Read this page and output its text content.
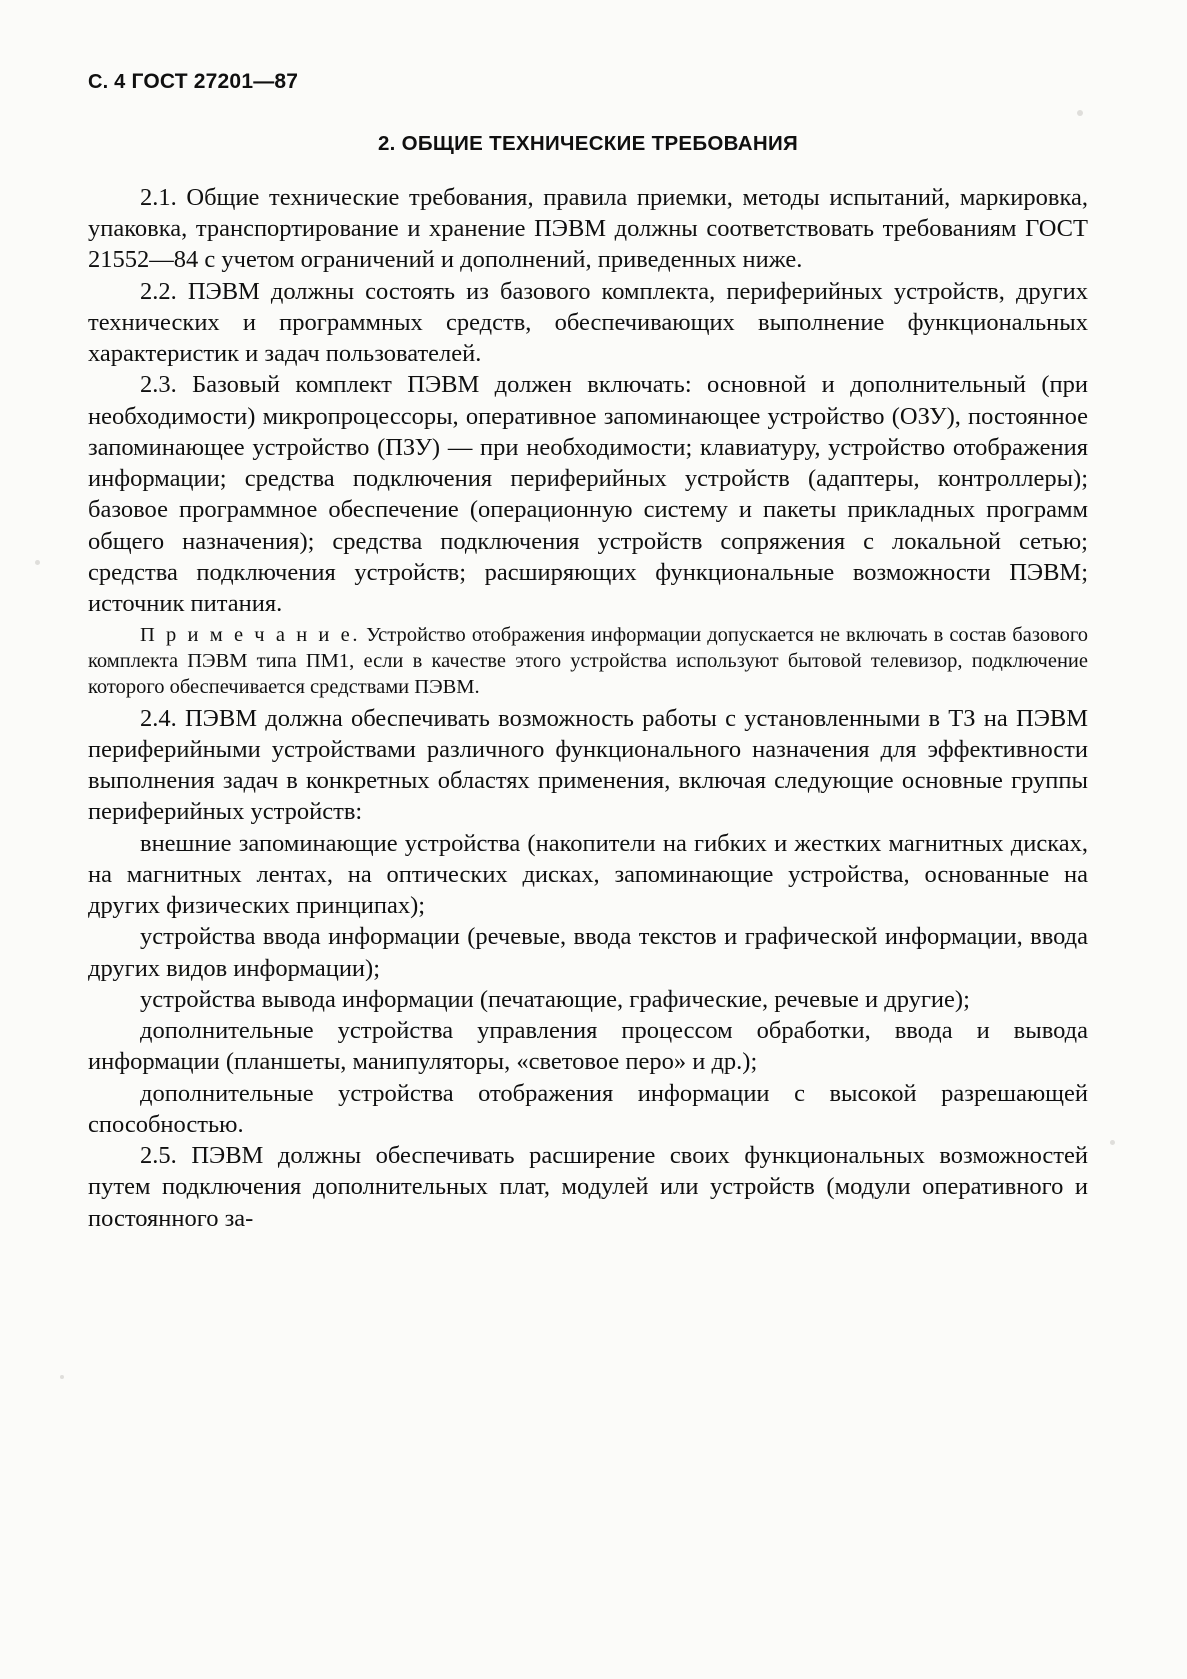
С. 4 ГОСТ 27201—87
2. ОБЩИЕ ТЕХНИЧЕСКИЕ ТРЕБОВАНИЯ

2.1. Общие технические требования, правила приемки, методы испытаний, маркировка, упаковка, транспортирование и хранение ПЭВМ должны соответствовать требованиям ГОСТ 21552—84 с учетом ограничений и дополнений, приведенных ниже.

2.2. ПЭВМ должны состоять из базового комплекта, периферийных устройств, других технических и программных средств, обеспечивающих выполнение функциональных характеристик и задач пользователей.

2.3. Базовый комплект ПЭВМ должен включать: основной и дополнительный (при необходимости) микропроцессоры, оперативное запоминающее устройство (ОЗУ), постоянное запоминающее устройство (ПЗУ) — при необходимости; клавиатуру, устройство отображения информации; средства подключения периферийных устройств (адаптеры, контроллеры); базовое программное обеспечение (операционную систему и пакеты прикладных программ общего назначения); средства подключения устройств сопряжения с локальной сетью; средства подключения устройств; расширяющих функциональные возможности ПЭВМ; источник питания.

П р и м е ч а н и е. Устройство отображения информации допускается не включать в состав базового комплекта ПЭВМ типа ПМ1, если в качестве этого устройства используют бытовой телевизор, подключение которого обеспечивается средствами ПЭВМ.

2.4. ПЭВМ должна обеспечивать возможность работы с установленными в ТЗ на ПЭВМ периферийными устройствами различного функционального назначения для эффективности выполнения задач в конкретных областях применения, включая следующие основные группы периферийных устройств:

внешние запоминающие устройства (накопители на гибких и жестких магнитных дисках, на магнитных лентах, на оптических дисках, запоминающие устройства, основанные на других физических принципах);

устройства ввода информации (речевые, ввода текстов и графической информации, ввода других видов информации);

устройства вывода информации (печатающие, графические, речевые и другие);

дополнительные устройства управления процессом обработки, ввода и вывода информации (планшеты, манипуляторы, «световое перо» и др.);

дополнительные устройства отображения информации с высокой разрешающей способностью.

2.5. ПЭВМ должны обеспечивать расширение своих функциональных возможностей путем подключения дополнительных плат, модулей или устройств (модули оперативного и постоянного за-
